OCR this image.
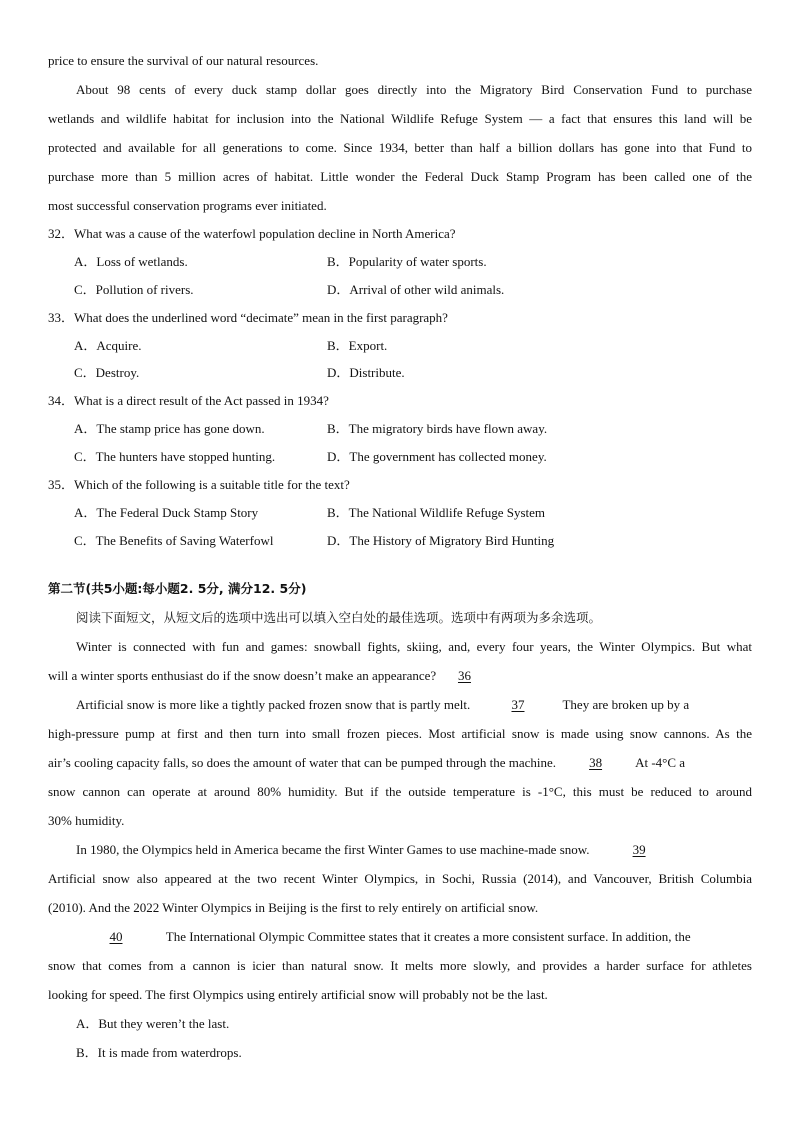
price to ensure the survival of our natural resources.
About 98 cents of every duck stamp dollar goes directly into the Migratory Bird Conservation Fund to purchase
wetlands and wildlife habitat for inclusion into the National Wildlife Refuge System — a fact that ensures this land will be
protected and available for all generations to come. Since 1934, better than half a billion dollars has gone into that Fund to
purchase more than 5 million acres of habitat. Little wonder the Federal Duck Stamp Program has been called one of the
most successful conservation programs ever initiated.
32．What was a cause of the waterfowl population decline in North America?
A．Loss of wetlands.	B．Popularity of water sports.
C．Pollution of rivers.	D．Arrival of other wild animals.
33．What does the underlined word “decimate” mean in the first paragraph?
A．Acquire.	B．Export.
C．Destroy.	D．Distribute.
34．What is a direct result of the Act passed in 1934?
A．The stamp price has gone down.	B．The migratory birds have flown away.
C．The hunters have stopped hunting.	D．The government has collected money.
35．Which of the following is a suitable title for the text?
A．The Federal Duck Stamp Story	B．The National Wildlife Refuge System
C．The Benefits of Saving Waterfowl	D．The History of Migratory Bird Hunting
第二节(共5小题:每小题2. 5分, 满分12. 5分)
阅读下面短文，从短文后的选项中选出可以填入空白处的最佳选项。选项中有两项为多余选项。
Winter is connected with fun and games: snowball fights, skiing, and, every four years, the Winter Olympics. But what
will a winter sports enthusiast do if the snow doesn’t make an appearance? 36
Artificial snow is more like a tightly packed frozen snow that is partly melt.	37	They are broken up by a
high-pressure pump at first and then turn into small frozen pieces. Most artificial snow is made using snow cannons. As the
air’s cooling capacity falls, so does the amount of water that can be pumped through the machine.	38	At -4°C a
snow cannon can operate at around 80% humidity. But if the outside temperature is -1°C, this must be reduced to around
30% humidity.
In 1980, the Olympics held in America became the first Winter Games to use machine-made snow.	39
Artificial snow also appeared at the two recent Winter Olympics, in Sochi, Russia (2014), and Vancouver, British Columbia
(2010). And the 2022 Winter Olympics in Beijing is the first to rely entirely on artificial snow.
40	The International Olympic Committee states that it creates a more consistent surface. In addition, the
snow that comes from a cannon is icier than natural snow. It melts more slowly, and provides a harder surface for athletes
looking for speed. The first Olympics using entirely artificial snow will probably not be the last.
A．But they weren’t the last.
B．It is made from waterdrops.
